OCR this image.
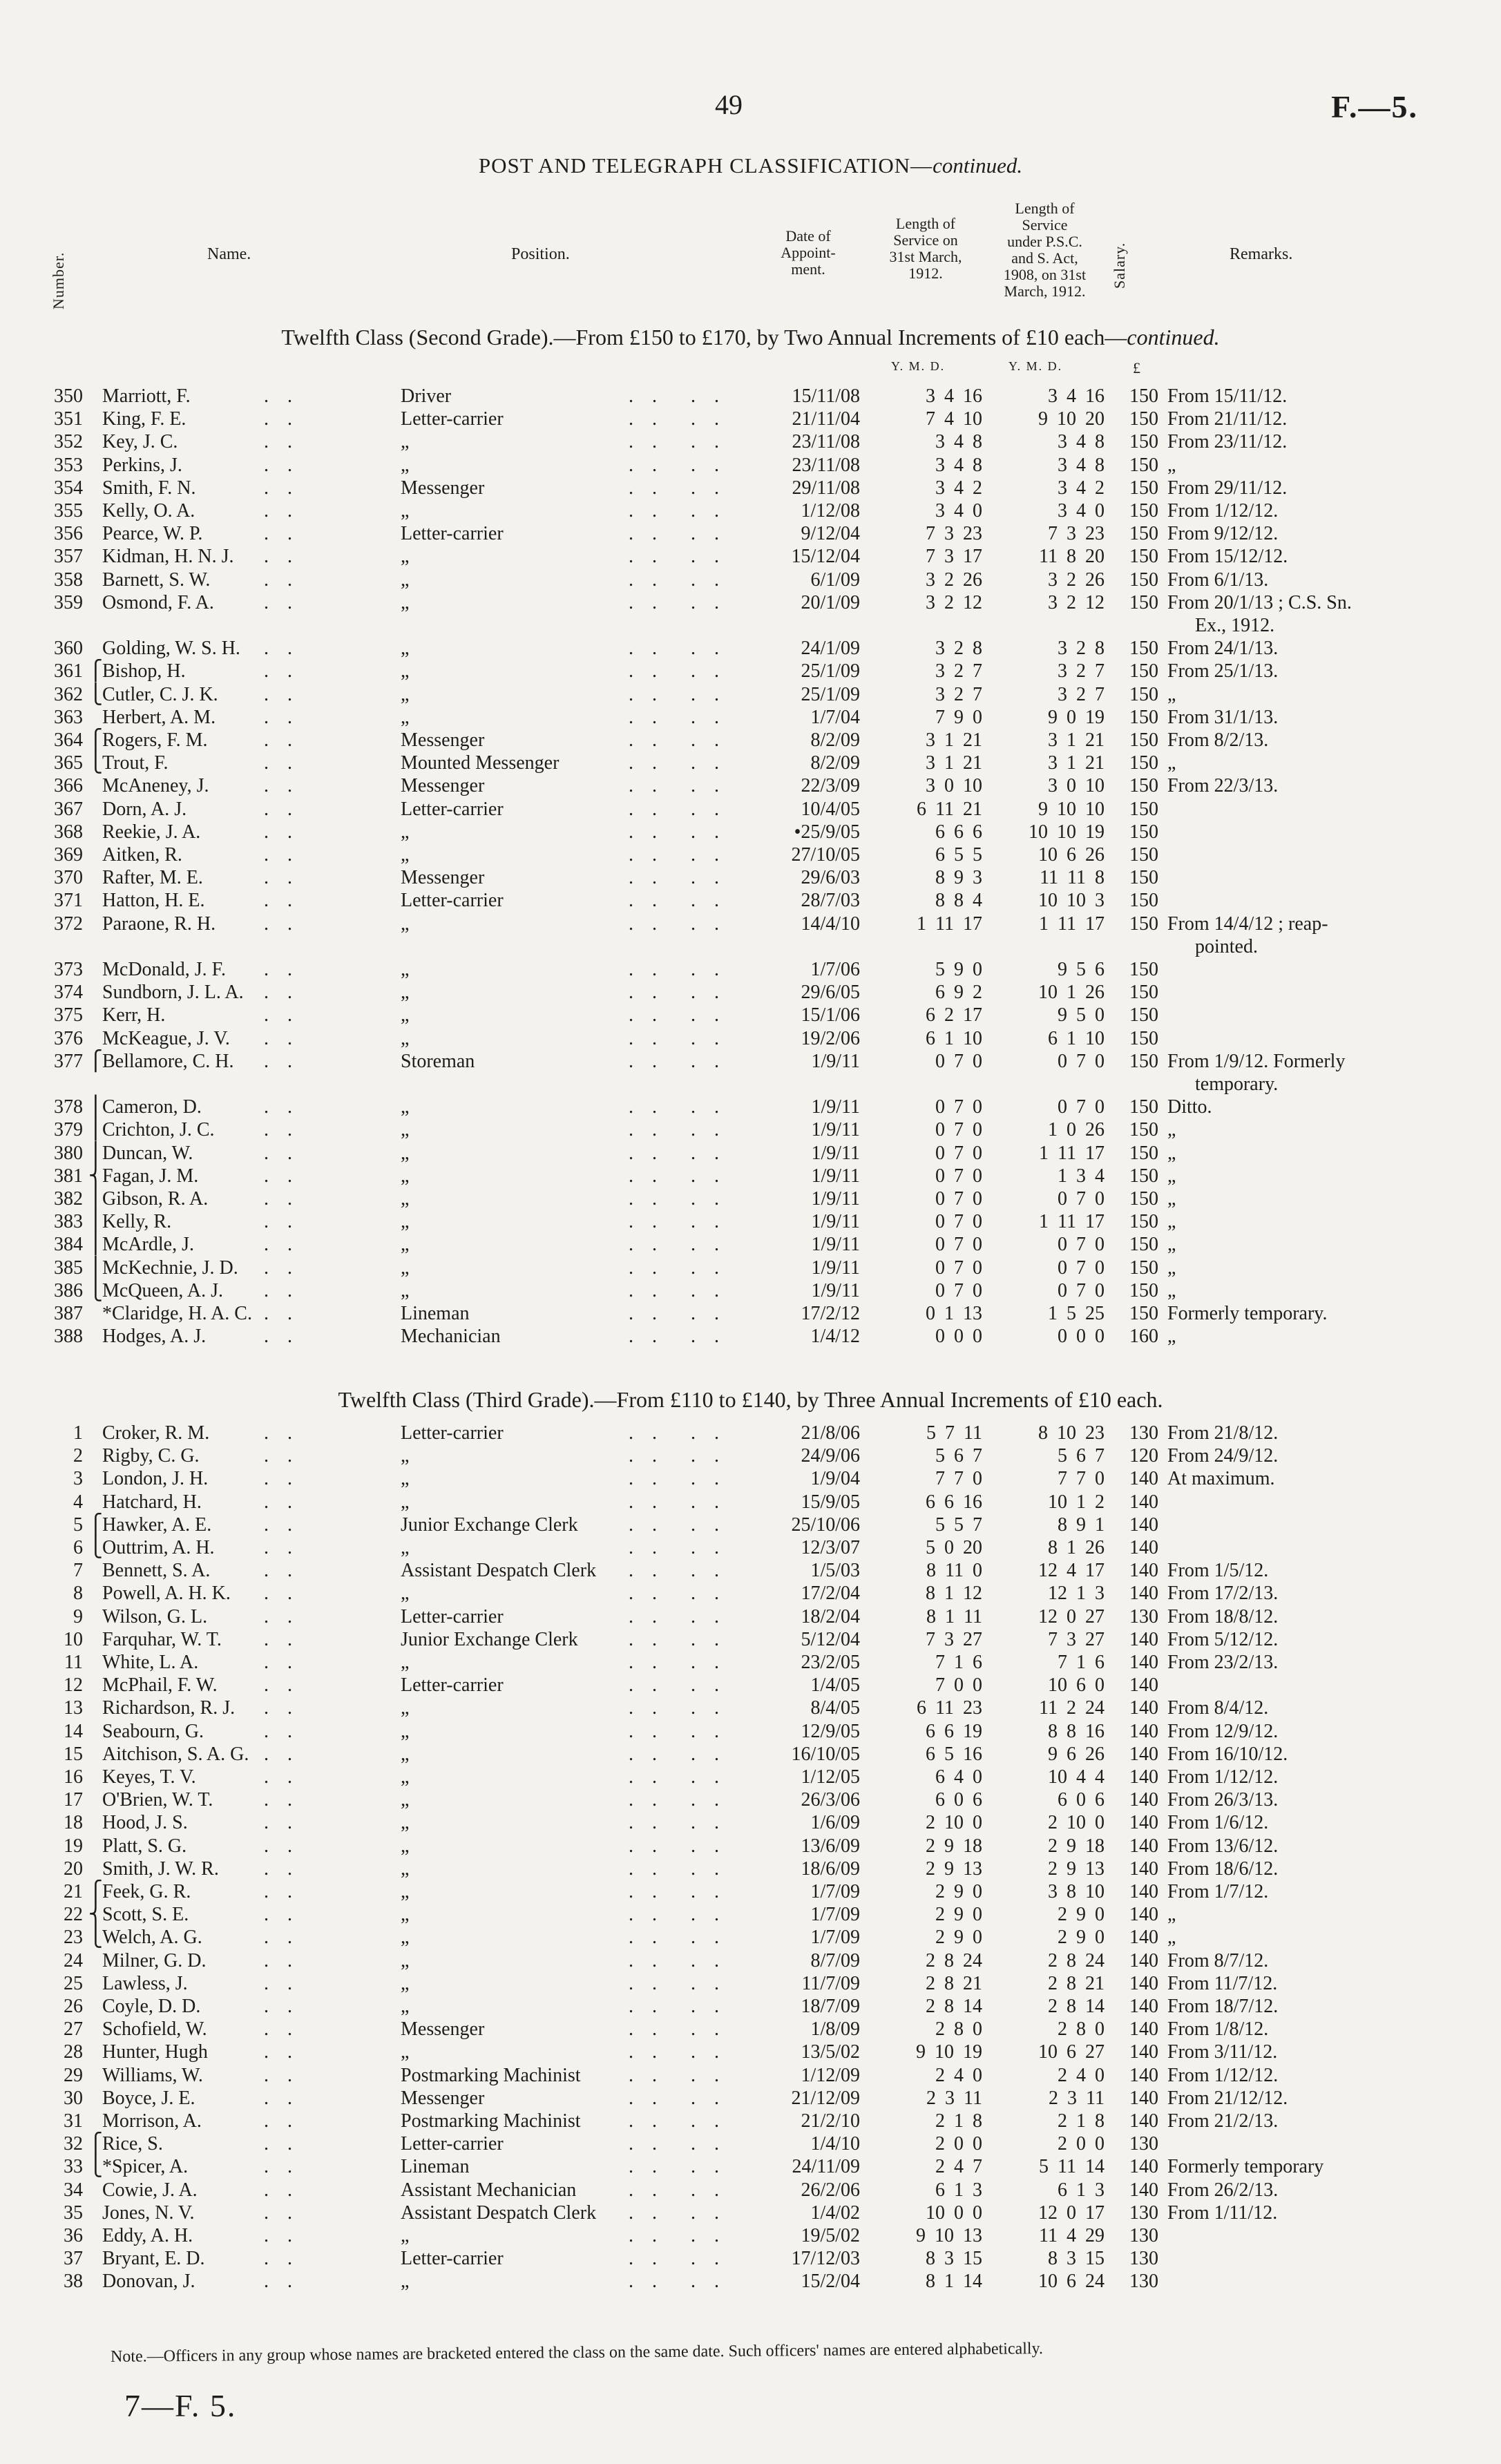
49	F.—5.
POST AND TELEGRAPH CLASSIFICATION—continued.
Number.	Name.	Position.
Date of
Appoint-
ment.
Length of
Service on
31st March,
1912.
Length of
Service
under P.S.C.
and S. Act,
1908, on 31st
March, 1912.
Salary.	Remarks.
Twelfth Class (Second Grade).—From £150 to £170, by Two Annual Increments of £10 each—continued.
Y. M. D.	Y. M. D.	£
350 Marriott, F.	. .	Driver	. . . .	15/11/08	3 4 16	3 4 16	150 From 15/11/12.
351 King, F. E.	. .	Letter-carrier	. . . .	21/11/04	7 4 10	9 10 20	150 From 21/11/12.
352 Key, J. C.	. .	„	. . . .	23/11/08	3 4 8	3 4 8	150 From 23/11/12.
353 Perkins, J.	. .	„	. . . .	23/11/08	3 4 8	3 4 8	150 „
354 Smith, F. N.	. .	Messenger	. . . .	29/11/08	3 4 2	3 4 2	150 From 29/11/12.
355 Kelly, O. A.	. .	„	. . . .	1/12/08	3 4 0	3 4 0	150 From 1/12/12.
356 Pearce, W. P.	. .	Letter-carrier	. . . .	9/12/04	7 3 23	7 3 23	150 From 9/12/12.
357 Kidman, H. N. J. . .	„	. . . .	15/12/04	7 3 17	11 8 20	150 From 15/12/12.
358 Barnett, S. W.	. .	„	. . . .	6/1/09	3 2 26	3 2 26	150 From 6/1/13.
359 Osmond, F. A.	. .	„	. . . .	20/1/09	3 2 12	3 2 12	150 From 20/1/13 ; C.S. Sn.
Ex., 1912.
360 Golding, W. S. H. . .	„	. . . .	24/1/09	3 2 8	3 2 8	150 From 24/1/13.
361 ⎧ Bishop, H.	. .	„	. . . .	25/1/09	3 2 7	3 2 7	150 From 25/1/13.
362 ⎩ Cutler, C. J. K. . .	„	. . . .	25/1/09	3 2 7	3 2 7	150 „
363 Herbert, A. M. . .	„	. . . .	1/7/04	7 9 0	9 0 19	150 From 31/1/13.
364 ⎧ Rogers, F. M.	. .	Messenger	. . . .	8/2/09	3 1 21	3 1 21	150 From 8/2/13.
365 ⎩ Trout, F.	. .	Mounted Messenger	. . . .	8/2/09	3 1 21	3 1 21	150 „
366 McAneney, J.	. .	Messenger	. . . .	22/3/09	3 0 10	3 0 10	150 From 22/3/13.
367 Dorn, A. J.	. .	Letter-carrier	. . . .	10/4/05	6 11 21	9 10 10	150
368 Reekie, J. A.	. .	„	. . . .	•25/9/05	6 6 6	10 10 19	150
369 Aitken, R.	. .	„	. . . .	27/10/05	6 5 5	10 6 26	150
370 Rafter, M. E.	. .	Messenger	. . . .	29/6/03	8 9 3	11 11 8	150
371 Hatton, H. E.	. .	Letter-carrier	. . . .	28/7/03	8 8 4	10 10 3	150
372 Paraone, R. H. . .	„	. . . .	14/4/10	1 11 17	1 11 17	150 From 14/4/12 ; reap-
pointed.
373 McDonald, J. F. . .	„	. . . .	1/7/06	5 9 0	9 5 6	150
374 Sundborn, J. L. A. . .	„	. . . .	29/6/05	6 9 2	10 1 26	150
375 Kerr, H.	. .	„	. . . .	15/1/06	6 2 17	9 5 0	150
376 McKeague, J. V. . .	„	. . . .	19/2/06	6 1 10	6 1 10	150
377 ⎧ Bellamore, C. H. . .	Storeman	. . . .	1/9/11	0 7 0	0 7 0	150 From 1/9/12. Formerly
temporary.
378 ⎪ Cameron, D.	. .	„	. . . .	1/9/11	0 7 0	0 7 0	150 Ditto.
379 ⎪ Crichton, J. C.	. .	„	. . . .	1/9/11	0 7 0	1 0 26	150 „
380 ⎪ Duncan, W.	. .	„	. . . .	1/9/11	0 7 0	1 11 17	150 „
381 ⎨ Fagan, J. M.	. .	„	. . . .	1/9/11	0 7 0	1 3 4	150 „
382 ⎪ Gibson, R. A.	. .	„	. . . .	1/9/11	0 7 0	0 7 0	150 „
383 ⎪ Kelly, R.	. .	„	. . . .	1/9/11	0 7 0	1 11 17	150 „
384 ⎪ McArdle, J.	. .	„	. . . .	1/9/11	0 7 0	0 7 0	150 „
385 ⎪ McKechnie, J. D. . .	„	. . . .	1/9/11	0 7 0	0 7 0	150 „
386 ⎩ McQueen, A. J. . .	„	. . . .	1/9/11	0 7 0	0 7 0	150 „
387 *Claridge, H. A. C. . .	Lineman	. . . .	17/2/12	0 1 13	1 5 25	150 Formerly temporary.
388 Hodges, A. J.	. .	Mechanician	. . . .	1/4/12	0 0 0	0 0 0	160 „
Twelfth Class (Third Grade).—From £110 to £140, by Three Annual Increments of £10 each.
1 Croker, R. M.	. .	Letter-carrier	. . . .	21/8/06	5 7 11	8 10 23	130 From 21/8/12.
2 Rigby, C. G.	. .	„	. . . .	24/9/06	5 6 7	5 6 7	120 From 24/9/12.
3 London, J. H.	. .	„	. . . .	1/9/04	7 7 0	7 7 0	140 At maximum.
4 Hatchard, H.	. .	„	. . . .	15/9/05	6 6 16	10 1 2	140
5 ⎧ Hawker, A. E.	. .	Junior Exchange Clerk	. . . .	25/10/06	5 5 7	8 9 1	140
6 ⎩ Outtrim, A. H.	. .	„	. . . .	12/3/07	5 0 20	8 1 26	140
7 Bennett, S. A.	. .	Assistant Despatch Clerk . . . .	1/5/03	8 11 0	12 4 17	140 From 1/5/12.
8 Powell, A. H. K. . .	„	. . . .	17/2/04	8 1 12	12 1 3	140 From 17/2/13.
9 Wilson, G. L.	. .	Letter-carrier	. . . .	18/2/04	8 1 11	12 0 27	130 From 18/8/12.
10 Farquhar, W. T. . .	Junior Exchange Clerk	. . . .	5/12/04	7 3 27	7 3 27	140 From 5/12/12.
11 White, L. A.	. .	„	. . . .	23/2/05	7 1 6	7 1 6	140 From 23/2/13.
12 McPhail, F. W. . .	Letter-carrier	. . . .	1/4/05	7 0 0	10 6 0	140
13 Richardson, R. J. . .	„	. . . .	8/4/05	6 11 23	11 2 24	140 From 8/4/12.
14 Seabourn, G.	. .	„	. . . .	12/9/05	6 6 19	8 8 16	140 From 12/9/12.
15 Aitchison, S. A. G. . .	„	. . . .	16/10/05	6 5 16	9 6 26	140 From 16/10/12.
16 Keyes, T. V.	. .	„	. . . .	1/12/05	6 4 0	10 4 4	140 From 1/12/12.
17 O'Brien, W. T.	. .	„	. . . .	26/3/06	6 0 6	6 0 6	140 From 26/3/13.
18 Hood, J. S.	. .	„	. . . .	1/6/09	2 10 0	2 10 0	140 From 1/6/12.
19 Platt, S. G.	. .	„	. . . .	13/6/09	2 9 18	2 9 18	140 From 13/6/12.
20 Smith, J. W. R. . .	„	. . . .	18/6/09	2 9 13	2 9 13	140 From 18/6/12.
21 ⎧ Feek, G. R.	. .	„	. . . .	1/7/09	2 9 0	3 8 10	140 From 1/7/12.
22 ⎨ Scott, S. E.	. .	„	. . . .	1/7/09	2 9 0	2 9 0	140 „
23 ⎩ Welch, A. G.	. .	„	. . . .	1/7/09	2 9 0	2 9 0	140 „
24 Milner, G. D.	. .	„	. . . .	8/7/09	2 8 24	2 8 24	140 From 8/7/12.
25 Lawless, J.	. .	„	. . . .	11/7/09	2 8 21	2 8 21	140 From 11/7/12.
26 Coyle, D. D.	. .	„	. . . .	18/7/09	2 8 14	2 8 14	140 From 18/7/12.
27 Schofield, W.	. .	Messenger	. . . .	1/8/09	2 8 0	2 8 0	140 From 1/8/12.
28 Hunter, Hugh	. .	„	. . . .	13/5/02	9 10 19	10 6 27	140 From 3/11/12.
29 Williams, W.	. .	Postmarking Machinist . . . .	1/12/09	2 4 0	2 4 0	140 From 1/12/12.
30 Boyce, J. E.	. .	Messenger	. . . .	21/12/09	2 3 11	2 3 11	140 From 21/12/12.
31 Morrison, A.	. .	Postmarking Machinist . . . .	21/2/10	2 1 8	2 1 8	140 From 21/2/13.
32 ⎧ Rice, S.	. .	Letter-carrier	. . . .	1/4/10	2 0 0	2 0 0	130
33 ⎩ *Spicer, A.	. .	Lineman	. . . .	24/11/09	2 4 7	5 11 14	140 Formerly temporary
34 Cowie, J. A.	. .	Assistant Mechanician	. . . .	26/2/06	6 1 3	6 1 3	140 From 26/2/13.
35 Jones, N. V.	. .	Assistant Despatch Clerk . . . .	1/4/02	10 0 0	12 0 17	130 From 1/11/12.
36 Eddy, A. H.	. .	„	. . . .	19/5/02	9 10 13	11 4 29	130
37 Bryant, E. D.	. .	Letter-carrier	. . . .	17/12/03	8 3 15	8 3 15	130
38 Donovan, J.	. .	„	. . . .	15/2/04	8 1 14	10 6 24	130
Note.—Officers in any group whose names are bracketed entered the class on the same date. Such officers' names are entered alphabetically.
7—F. 5.
